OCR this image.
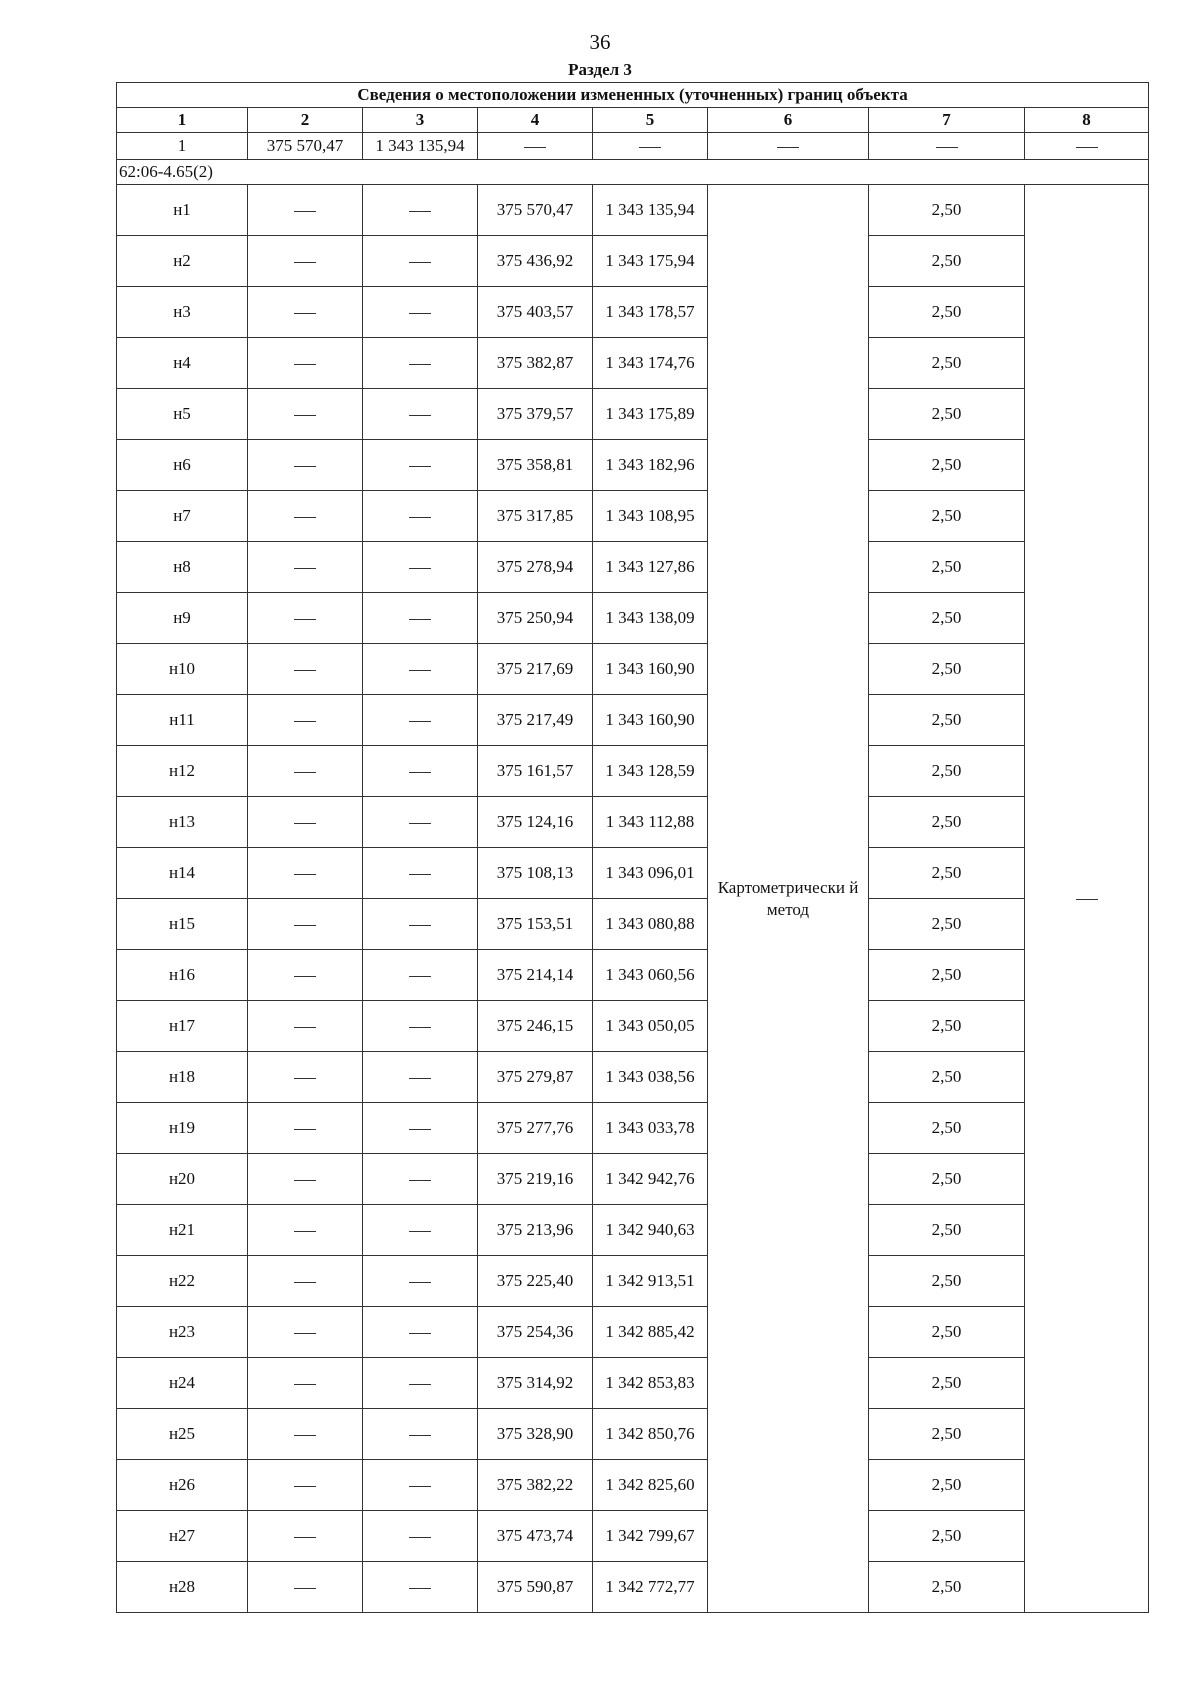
36
Раздел 3
Сведения о местоположении измененных (уточненных) границ объекта							
1	2	3	4	5	6	7	8
1	375 570,47	1 343 135,94					
62:06-4.65(2)							
н1			375 570,47	1 343 135,94	Картометрически й метод	2,50	
н2			375 436,92	1 343 175,94		2,50	
н3			375 403,57	1 343 178,57		2,50	
н4			375 382,87	1 343 174,76		2,50	
н5			375 379,57	1 343 175,89		2,50	
н6			375 358,81	1 343 182,96		2,50	
н7			375 317,85	1 343 108,95		2,50	
н8			375 278,94	1 343 127,86		2,50	
н9			375 250,94	1 343 138,09		2,50	
н10			375 217,69	1 343 160,90		2,50	
н11			375 217,49	1 343 160,90		2,50	
н12			375 161,57	1 343 128,59		2,50	
н13			375 124,16	1 343 112,88		2,50	
н14			375 108,13	1 343 096,01		2,50	
н15			375 153,51	1 343 080,88		2,50	
н16			375 214,14	1 343 060,56		2,50	
н17			375 246,15	1 343 050,05		2,50	
н18			375 279,87	1 343 038,56		2,50	
н19			375 277,76	1 343 033,78		2,50	
н20			375 219,16	1 342 942,76		2,50	
н21			375 213,96	1 342 940,63		2,50	
н22			375 225,40	1 342 913,51		2,50	
н23			375 254,36	1 342 885,42		2,50	
н24			375 314,92	1 342 853,83		2,50	
н25			375 328,90	1 342 850,76		2,50	
н26			375 382,22	1 342 825,60		2,50	
н27			375 473,74	1 342 799,67		2,50	
н28			375 590,87	1 342 772,77		2,50	
